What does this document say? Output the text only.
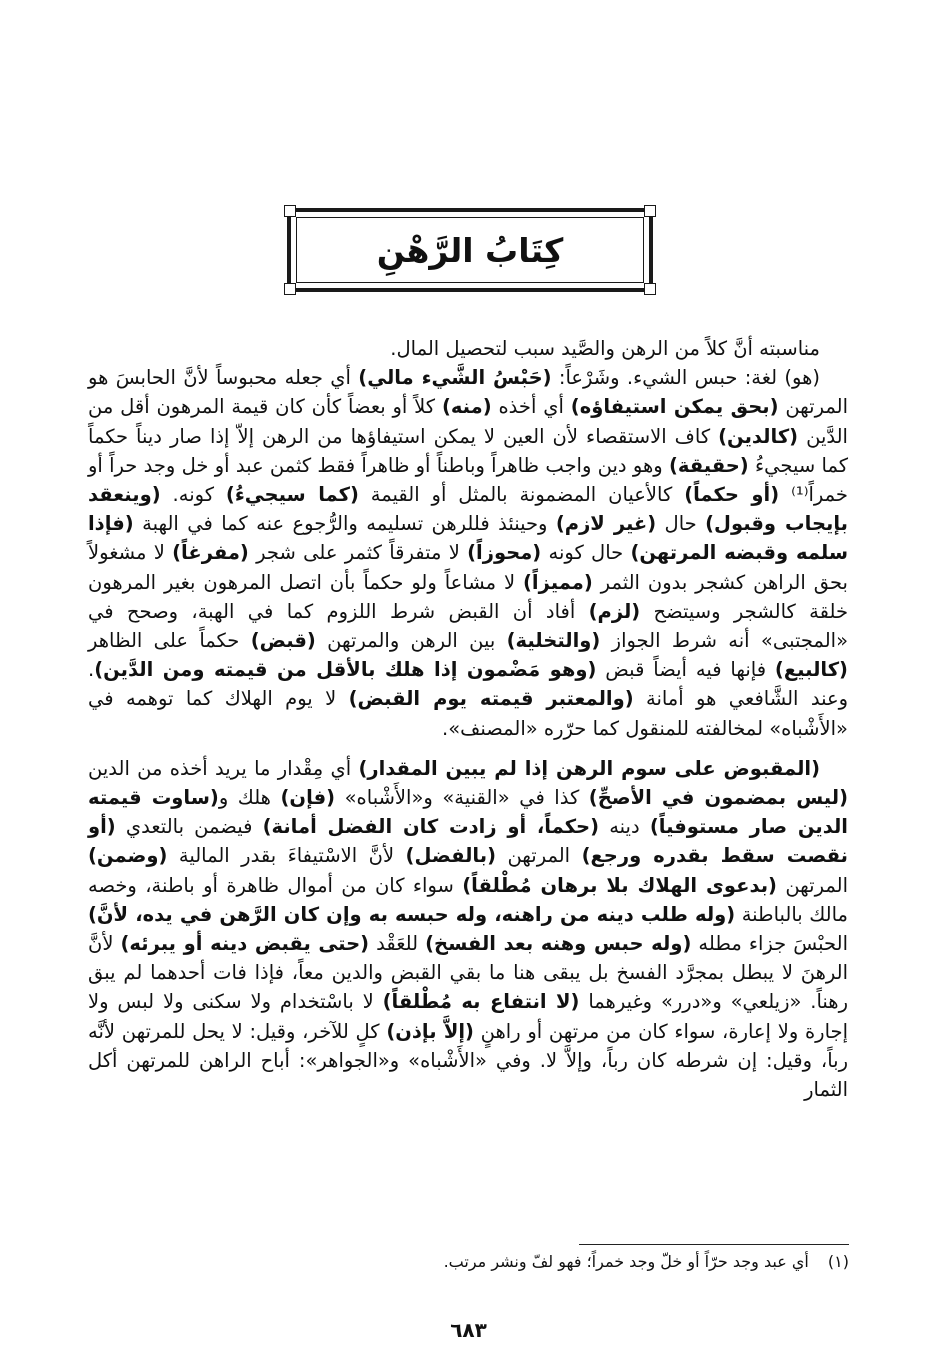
كِتَابُ الرَّهْنِ

مناسبته أنَّ كلاً من الرهن والصَّيد سبب لتحصيل المال.

(هو) لغة: حبس الشيء. وشَرْعاً: (حَبْسُ الشَّيء مالي) أي جعله محبوساً لأنَّ الحابسَ هو المرتهن (بحق يمكن استيفاؤه) أي أخذه (منه) كلاً أو بعضاً كأن كان قيمة المرهون أقل من الدَّين (كالدين) كاف الاستقصاء لأن العين لا يمكن استيفاؤها من الرهن إلاّ إذا صار ديناً حكماً كما سيجيءُ (حقيقة) وهو دين واجب ظاهراً وباطناً أو ظاهراً فقط كثمن عبد أو خل وجد حراً أو خمراً⁽¹⁾ (أو حكماً) كالأعيان المضمونة بالمثل أو القيمة (كما سيجيءُ) كونه. (وينعقد بإيجاب وقبول) حال (غير لازم) وحينئذ فللرهن تسليمه والرُّجوع عنه كما في الهبة (فإذا سلمه وقبضه المرتهن) حال كونه (محوزاً) لا متفرقاً كثمر على شجر (مفرغاً) لا مشغولاً بحق الراهن كشجر بدون الثمر (مميزاً) لا مشاعاً ولو حكماً بأن اتصل المرهون بغير المرهون خلقة كالشجر وسيتضح (لزم) أفاد أن القبض شرط اللزوم كما في الهبة، وصحح في «المجتبى» أنه شرط الجواز (والتخلية) بين الرهن والمرتهن (قبض) حكماً على الظاهر (كالبيع) فإنها فيه أيضاً قبض (وهو مَضْمون إذا هلك بالأقل من قيمته ومن الدَّين). وعند الشَّافعي هو أمانة (والمعتبر قيمته يوم القبض) لا يوم الهلاك كما توهمه في «الأَشْباه» لمخالفته للمنقول كما حرّره «المصنف».

(المقبوض على سوم الرهن إذا لم يبين المقدار) أي مِقْدار ما يريد أخذه من الدين (ليس بمضمون في الأصحِّ) كذا في «القنية» و«الأَشْباه» (فإن) هلك و(ساوت قيمته الدين صار مستوفياً) دينه (حكماً، أو زادت كان الفضل أمانة) فيضمن بالتعدي (أو نقصت سقط بقدره ورجع) المرتهن (بالفضل) لأنَّ الاسْتيفاءَ بقدر المالية (وضمن) المرتهن (بدعوى الهلاك بلا برهان مُطْلقاً) سواء كان من أموال ظاهرة أو باطنة، وخصه مالك بالباطنة (وله طلب دينه من راهنه، وله حبسه به وإن كان الرَّهن في يده، لأنَّ) الحبْسَ جزاء مطله (وله حبس وهنه بعد الفسخ) للعَقْد (حتى يقبض دينه أو يبرئه) لأنَّ الرهنَ لا يبطل بمجرَّد الفسخ بل يبقى هنا ما بقي القبض والدين معاً، فإذا فات أحدهما لم يبق رهناً. «زيلعي» و«درر» وغيرهما (لا انتفاع به مُطْلقاً) لا باسْتخدام ولا سكنى ولا لبس ولا إجارة ولا إعارة، سواء كان من مرتهن أو راهنٍ (إلاَّ بإذن) كلٍ للآخر، وقيل: لا يحل للمرتهن لأنَّه رباً، وقيل: إن شرطه كان رباً، وإلاَّ لا. وفي «الأَشْباه» و«الجواهر»: أباح الراهن للمرتهن أكل الثمار

(١) أي عبد وجد حرّاً أو خلّ وجد خمراً؛ فهو لفّ ونشر مرتب.
٦٨٣
